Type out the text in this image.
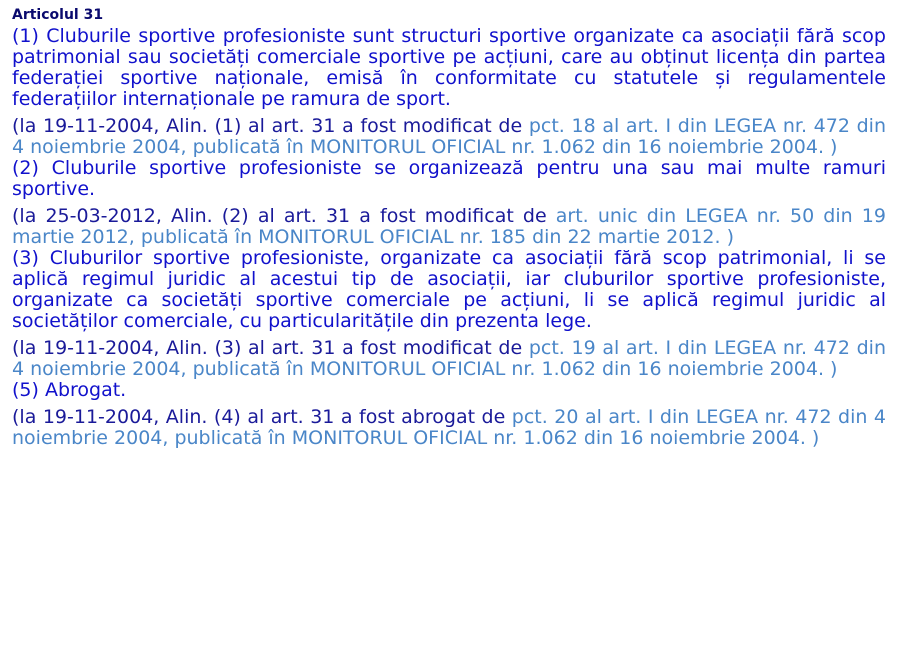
Articolul 31

(1) Cluburile sportive profesioniste sunt structuri sportive organizate ca asociații fără scop patrimonial sau societăți comerciale sportive pe acțiuni, care au obținut licența din partea federației sportive naționale, emisă în conformitate cu statutele și regulamentele federațiilor internaționale pe ramura de sport.

(la 19-11-2004, Alin. (1) al art. 31 a fost modificat de pct. 18 al art. I din LEGEA nr. 472 din 4 noiembrie 2004, publicată în MONITORUL OFICIAL nr. 1.062 din 16 noiembrie 2004. )

(2) Cluburile sportive profesioniste se organizează pentru una sau mai multe ramuri sportive.

(la 25-03-2012, Alin. (2) al art. 31 a fost modificat de art. unic din LEGEA nr. 50 din 19 martie 2012, publicată în MONITORUL OFICIAL nr. 185 din 22 martie 2012. )

(3) Cluburilor sportive profesioniste, organizate ca asociații fără scop patrimonial, li se aplică regimul juridic al acestui tip de asociații, iar cluburilor sportive profesioniste, organizate ca societăți sportive comerciale pe acțiuni, li se aplică regimul juridic al societăților comerciale, cu particularitățile din prezenta lege.

(la 19-11-2004, Alin. (3) al art. 31 a fost modificat de pct. 19 al art. I din LEGEA nr. 472 din 4 noiembrie 2004, publicată în MONITORUL OFICIAL nr. 1.062 din 16 noiembrie 2004. )

(5) Abrogat.

(la 19-11-2004, Alin. (4) al art. 31 a fost abrogat de pct. 20 al art. I din LEGEA nr. 472 din 4 noiembrie 2004, publicată în MONITORUL OFICIAL nr. 1.062 din 16 noiembrie 2004. )
